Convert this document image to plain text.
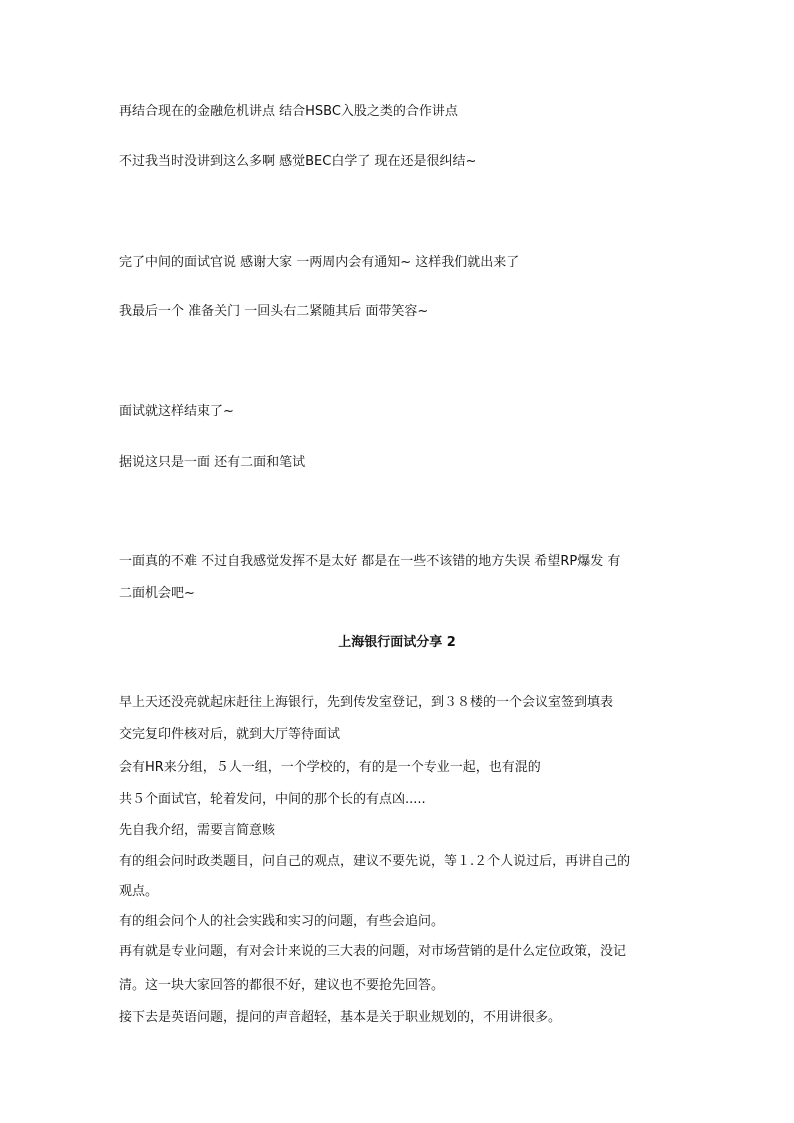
再结合现在的金融危机讲点 结合HSBC入股之类的合作讲点

不过我当时没讲到这么多啊 感觉BEC白学了 现在还是很纠结~

完了中间的面试官说 感谢大家 一两周内会有通知~ 这样我们就出来了

我最后一个 准备关门 一回头右二紧随其后 面带笑容~

面试就这样结束了~

据说这只是一面 还有二面和笔试

一面真的不难 不过自我感觉发挥不是太好 都是在一些不该错的地方失误 希望RP爆发 有

二面机会吧~

上海银行面试分享 2

早上天还没亮就起床赶往上海银行，先到传发室登记，到３８楼的一个会议室签到填表

交完复印件核对后，就到大厅等待面试

会有HR来分组，５人一组，一个学校的，有的是一个专业一起，也有混的

共５个面试官，轮着发问，中间的那个长的有点凶.....

先自我介绍，需要言简意赅

有的组会问时政类题目，问自己的观点，建议不要先说，等１.２个人说过后，再讲自己的

观点。

有的组会问个人的社会实践和实习的问题，有些会追问。

再有就是专业问题，有对会计来说的三大表的问题，对市场营销的是什么定位政策，没记

清。这一块大家回答的都很不好，建议也不要抢先回答。

接下去是英语问题，提问的声音超轻，基本是关于职业规划的，不用讲很多。
